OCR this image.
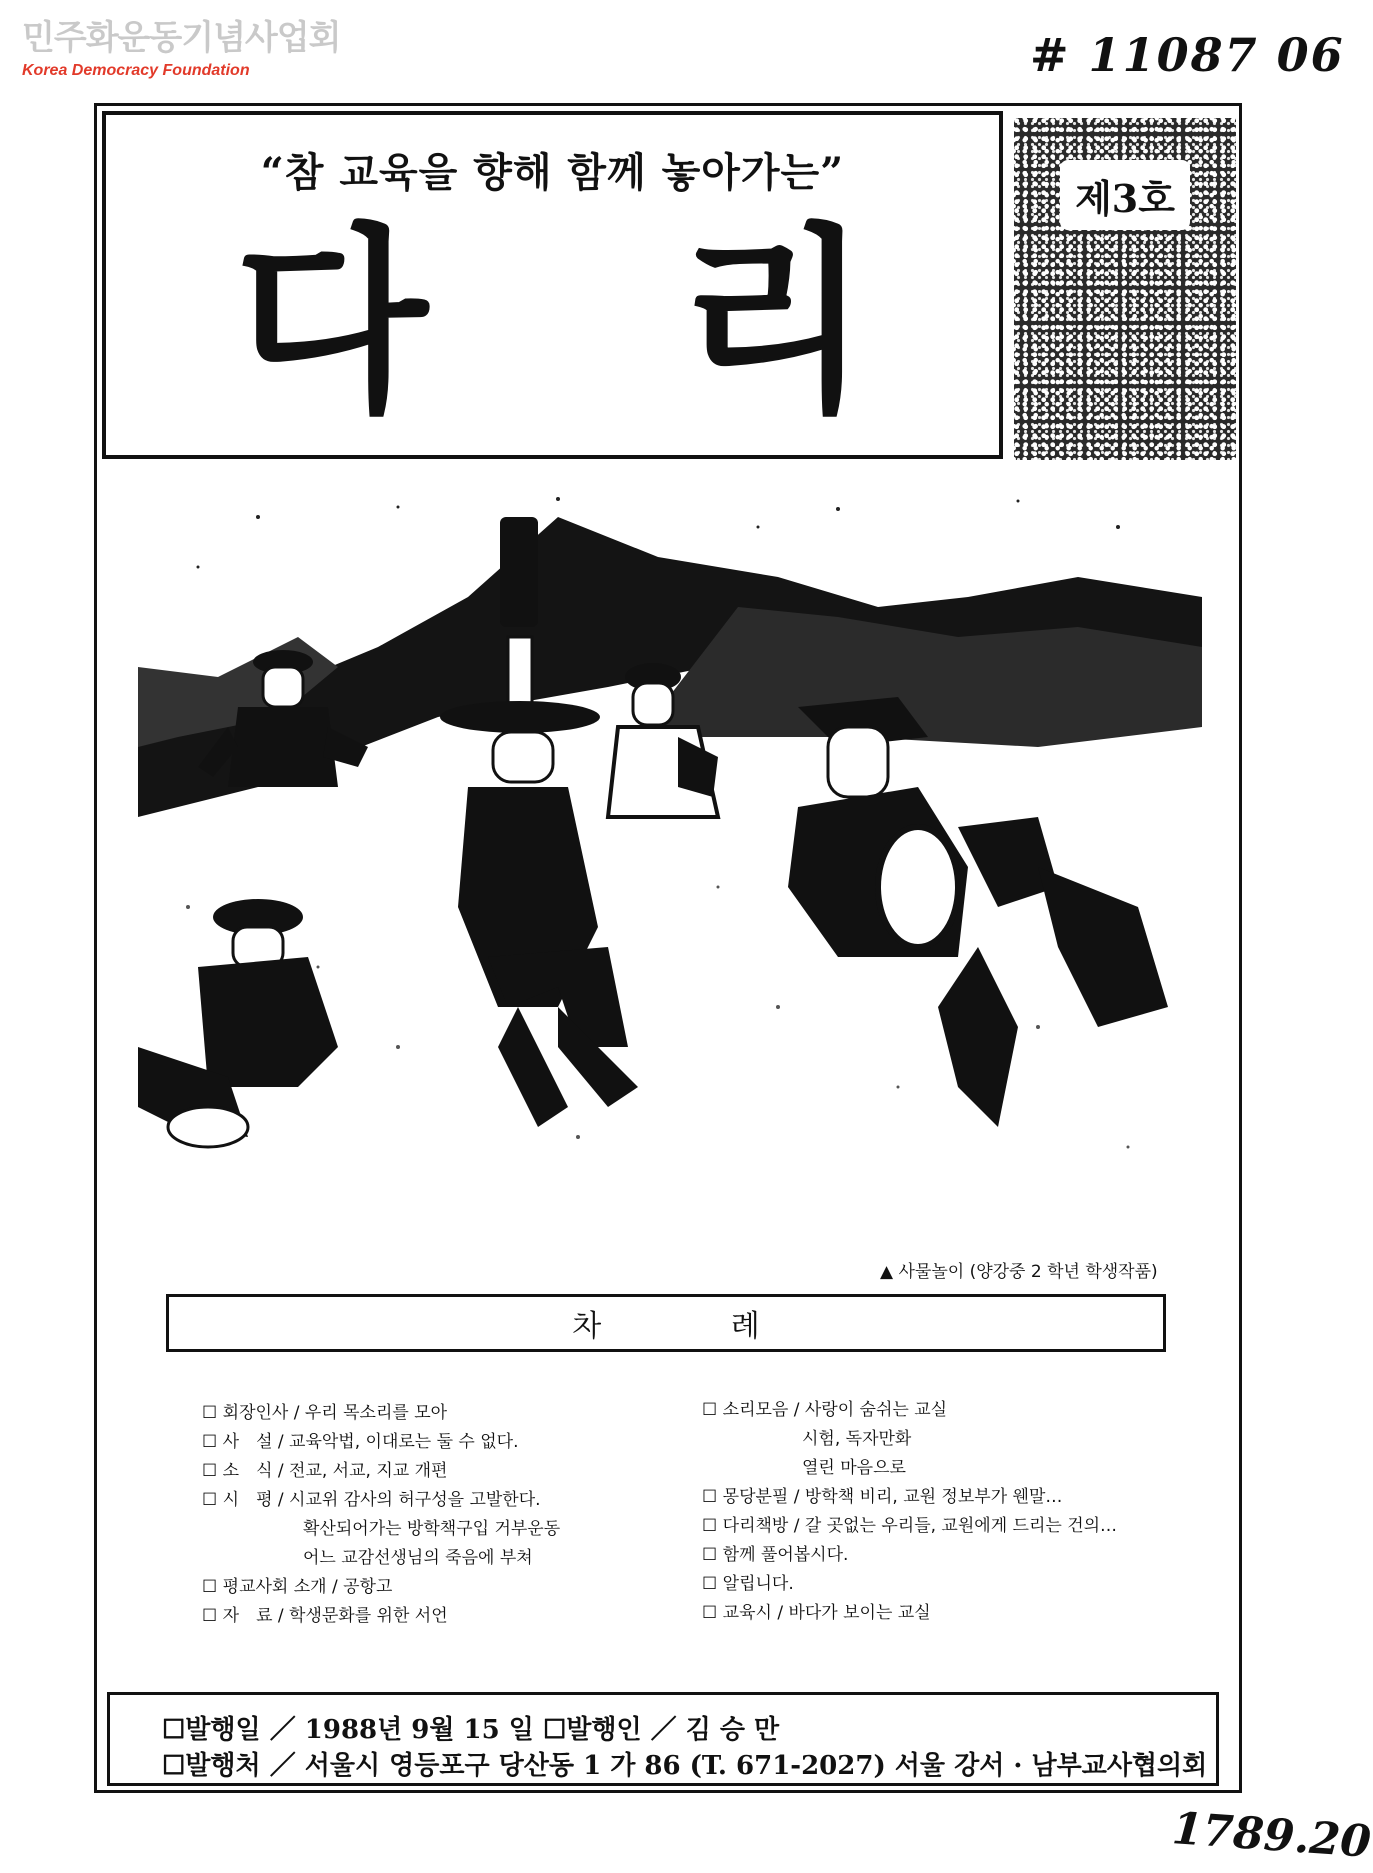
민주화운동기념사업회
Korea Democracy Foundation	# 11087 06
“참 교육을 향해 함께 놓아가는”
다 리
제3호
▲ 사물놀이 (양강중 2 학년 학생작품)
차 례
☐ 회장인사 / 우리 목소리를 모아
☐ 사　설 / 교육악법, 이대로는 둘 수 없다.
☐ 소　식 / 전교, 서교, 지교 개편
☐ 시　평 / 시교위 감사의 허구성을 고발한다.
확산되어가는 방학책구입 거부운동
어느 교감선생님의 죽음에 부쳐
☐ 평교사회 소개 / 공항고
☐ 자　료 / 학생문화를 위한 서언
☐ 소리모음 / 사랑이 숨쉬는 교실
시험, 독자만화
열린 마음으로
☐ 몽당분필 / 방학책 비리, 교원 정보부가 웬말…
☐ 다리책방 / 갈 곳없는 우리들, 교원에게 드리는 건의…
☐ 함께 풀어봅시다.
☐ 알립니다.
☐ 교육시 / 바다가 보이는 교실
☐발행일 ／ 1988년 9월 15 일 ☐발행인 ／ 김 승 만
☐발행처 ／ 서울시 영등포구 당산동 1 가 86 (T. 671-2027) 서울 강서 · 남부교사협의회
1789.20
